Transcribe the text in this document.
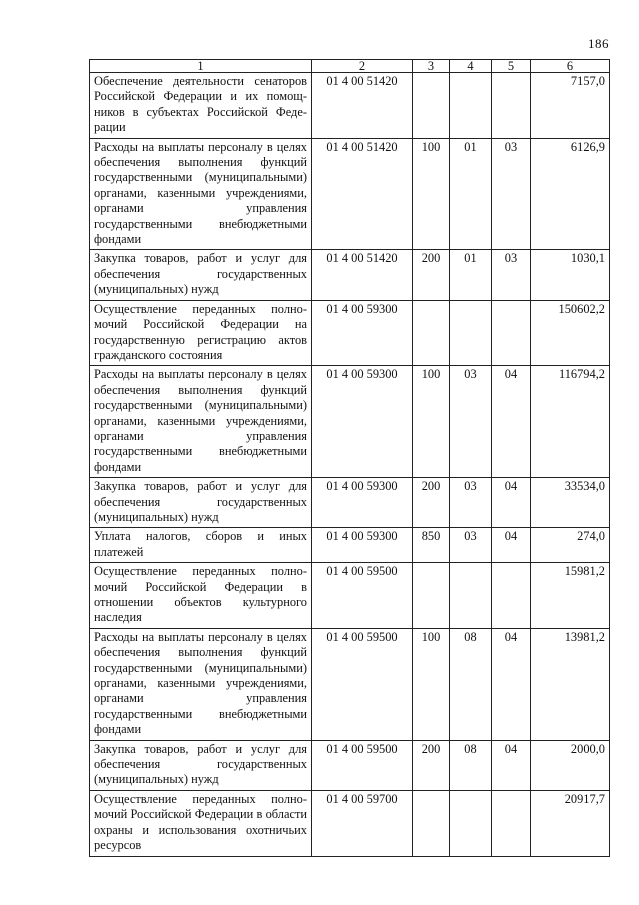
186
1	2	3	4	5	6
Обеспечение деятельности сенаторов Российской Федерации и их помощников в субъектах Российской Федерации	01 4 00 51420				7157,0
Расходы на выплаты персоналу в целях обеспечения выполнения функций государственными (муниципальными) органами, казенными учреждениями, органами управления государственными внебюджетными фондами	01 4 00 51420	100	01	03	6126,9
Закупка товаров, работ и услуг для обеспечения государственных (муниципальных) нужд	01 4 00 51420	200	01	03	1030,1
Осуществление переданных полномочий Российской Федерации на государственную регистрацию актов гражданского состояния	01 4 00 59300				150602,2
Расходы на выплаты персоналу в целях обеспечения выполнения функций государственными (муниципальными) органами, казенными учреждениями, органами управления государственными внебюджетными фондами	01 4 00 59300	100	03	04	116794,2
Закупка товаров, работ и услуг для обеспечения государственных (муниципальных) нужд	01 4 00 59300	200	03	04	33534,0
Уплата налогов, сборов и иных платежей	01 4 00 59300	850	03	04	274,0
Осуществление переданных полномочий Российской Федерации в отношении объектов культурного наследия	01 4 00 59500				15981,2
Расходы на выплаты персоналу в целях обеспечения выполнения функций государственными (муниципальными) органами, казенными учреждениями, органами управления государственными внебюджетными фондами	01 4 00 59500	100	08	04	13981,2
Закупка товаров, работ и услуг для обеспечения государственных (муниципальных) нужд	01 4 00 59500	200	08	04	2000,0
Осуществление переданных полномочий Российской Федерации в области охраны и использования охотничьих ресурсов	01 4 00 59700				20917,7
